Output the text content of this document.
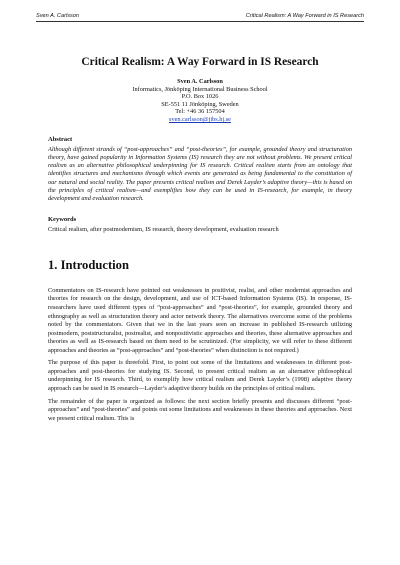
Sven A. Carlsson	Critical Realism: A Way Forward in IS Research
Critical Realism: A Way Forward in IS Research
Sven A. Carlsson
Informatics, Jönköping International Business School
P.O. Box 1026
SE-551 11 Jönköping, Sweden
Tel: +46 36 157504
sven.carlsson@jibs.hj.se
Abstract

Although different strands of “post-approaches” and “post-theories”, for example, grounded theory and structuration theory, have gained popularity in Information Systems (IS) research they are not without problems. We present critical realism as an alternative philosophical underpinning for IS research. Critical realism starts from an ontology that identifies structures and mechanisms through which events are generated as being fundamental to the constitution of our natural and social reality. The paper presents critical realism and Derek Layder’s adaptive theory—this is based on the principles of critical realism—and exemplifies how they can be used in IS-research, for example, in theory development and evaluation research.

Keywords

Critical realism, after postmodernism, IS research, theory development, evaluation research

1. Introduction

Commentators on IS-research have pointed out weaknesses in positivist, realist, and other modernist approaches and theories for research on the design, development, and use of ICT-based Information Systems (IS). In response, IS-researchers have used different types of “post-approaches” and “post-theories”, for example, grounded theory and ethnography as well as structuration theory and actor network theory. The alternatives overcome some of the problems noted by the commentators. Given that we in the last years seen an increase in published IS-research utilizing postmodern, poststructuralist, postrealist, and nonpositivistic approaches and theories, these alternative approaches and theories as well as IS-research based on them need to be scrutinized. (For simplicity, we will refer to these different approaches and theories as “post-approaches” and “post-theories” when distinction is not required.)

The purpose of this paper is threefold. First, to point out some of the limitations and weaknesses in different post-approaches and post-theories for studying IS. Second, to present critical realism as an alternative philosophical underpinning for IS research. Third, to exemplify how critical realism and Derek Layder’s (1998) adaptive theory approach can be used in IS research—Layder’s adaptive theory builds on the principles of critical realism.

The remainder of the paper is organized as follows: the next section briefly presents and discusses different “post-approaches” and “post-theories” and points out some limitations and weaknesses in these theories and approaches. Next we present critical realism. This is
